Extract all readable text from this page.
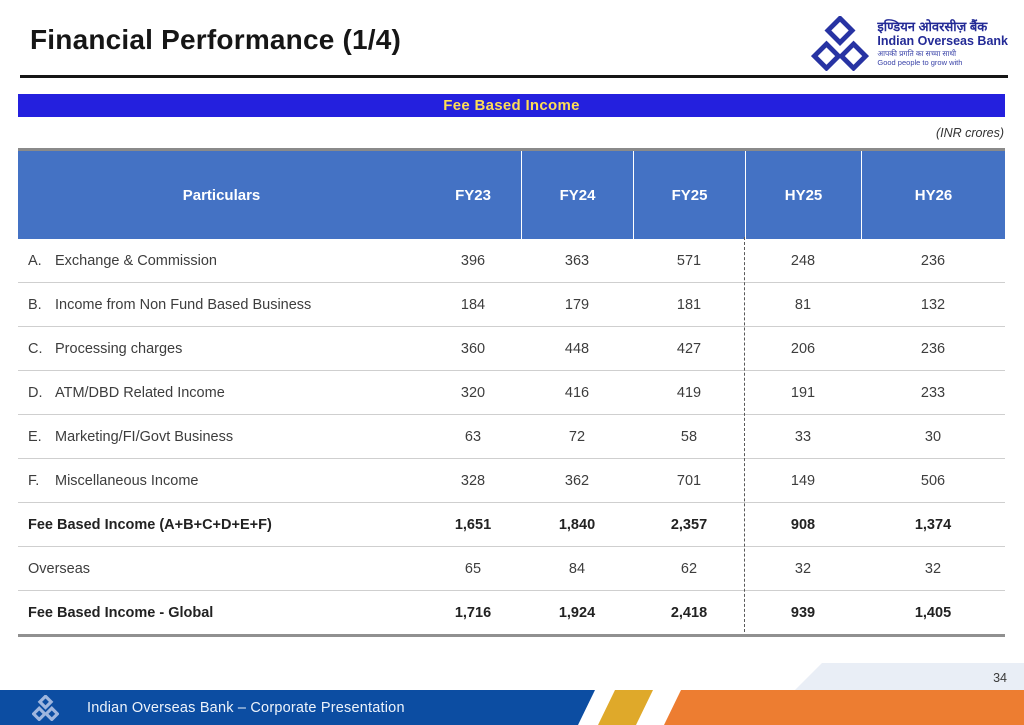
Financial Performance (1/4)	इण्डियन ओवरसीज़ बैंक
Indian Overseas Bank
आपकी प्रगति का सच्चा साथी
Good people to grow with
Fee Based Income
(INR crores)
Particulars	FY23	FY24	FY25	HY25	HY26
A. Exchange & Commission	396	363	571	248	236
B. Income from Non Fund Based Business	184	179	181	81	132
C. Processing charges	360	448	427	206	236
D. ATM/DBD Related Income	320	416	419	191	233
E. Marketing/FI/Govt Business	63	72	58	33	30
F.	Miscellaneous Income	328	362	701	149	506
Fee Based Income (A+B+C+D+E+F)	1,651	1,840	2,357	908	1,374
Overseas	65	84	62	32	32
Fee Based Income - Global	1,716	1,924	2,418	939	1,405
34
Indian Overseas Bank – Corporate Presentation
